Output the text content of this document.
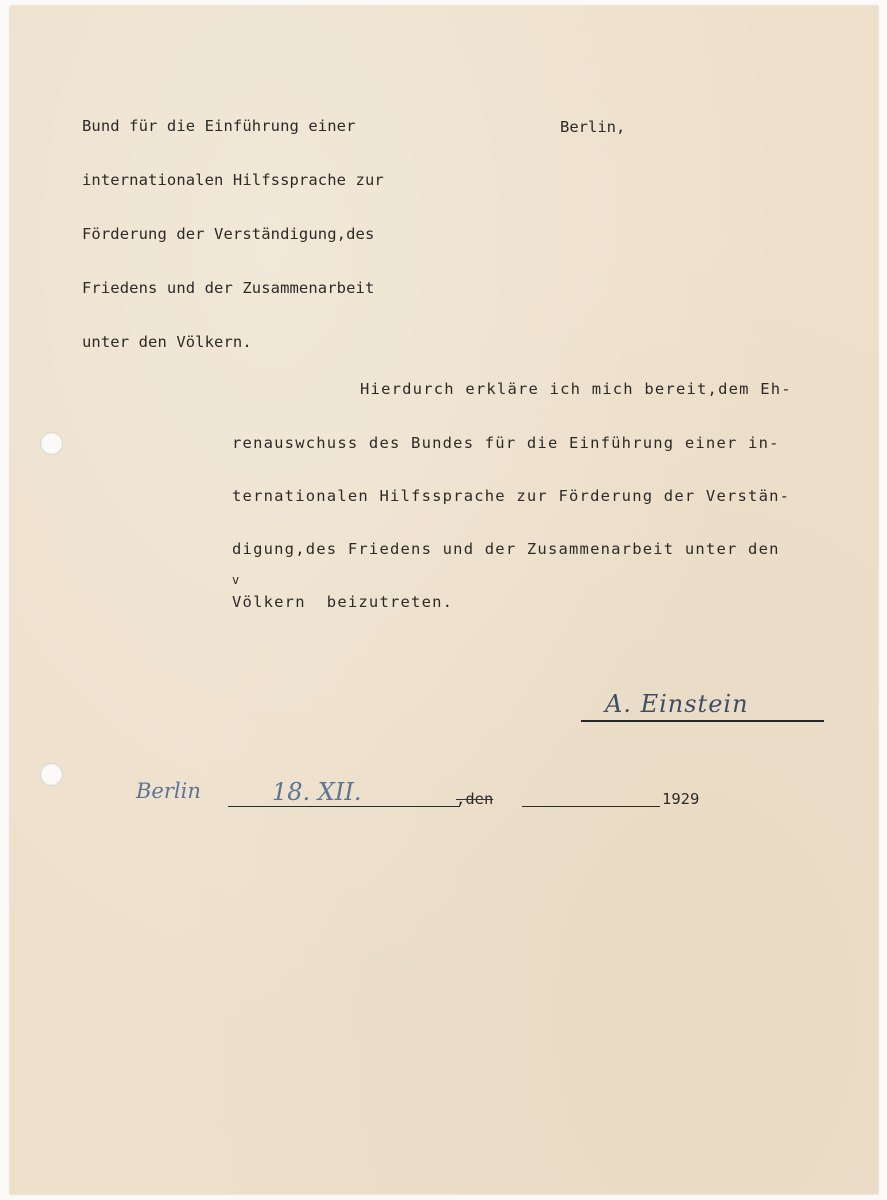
Bund für die Einführung einer

internationalen Hilfssprache zur

Förderung der Verständigung,des

Friedens und der Zusammenarbeit

unter den Völkern.

Berlin,
Hierdurch erkläre ich mich bereit,dem Eh-
renauswchuss des Bundes für die Einführung einer in-
ternationalen Hilfssprache zur Förderung der Verstän-
digung,des Friedens und der Zusammenarbeit unter den
v
Völkern  beizutreten.
A. Einstein
Berlin	18. XII.	,den	1929
